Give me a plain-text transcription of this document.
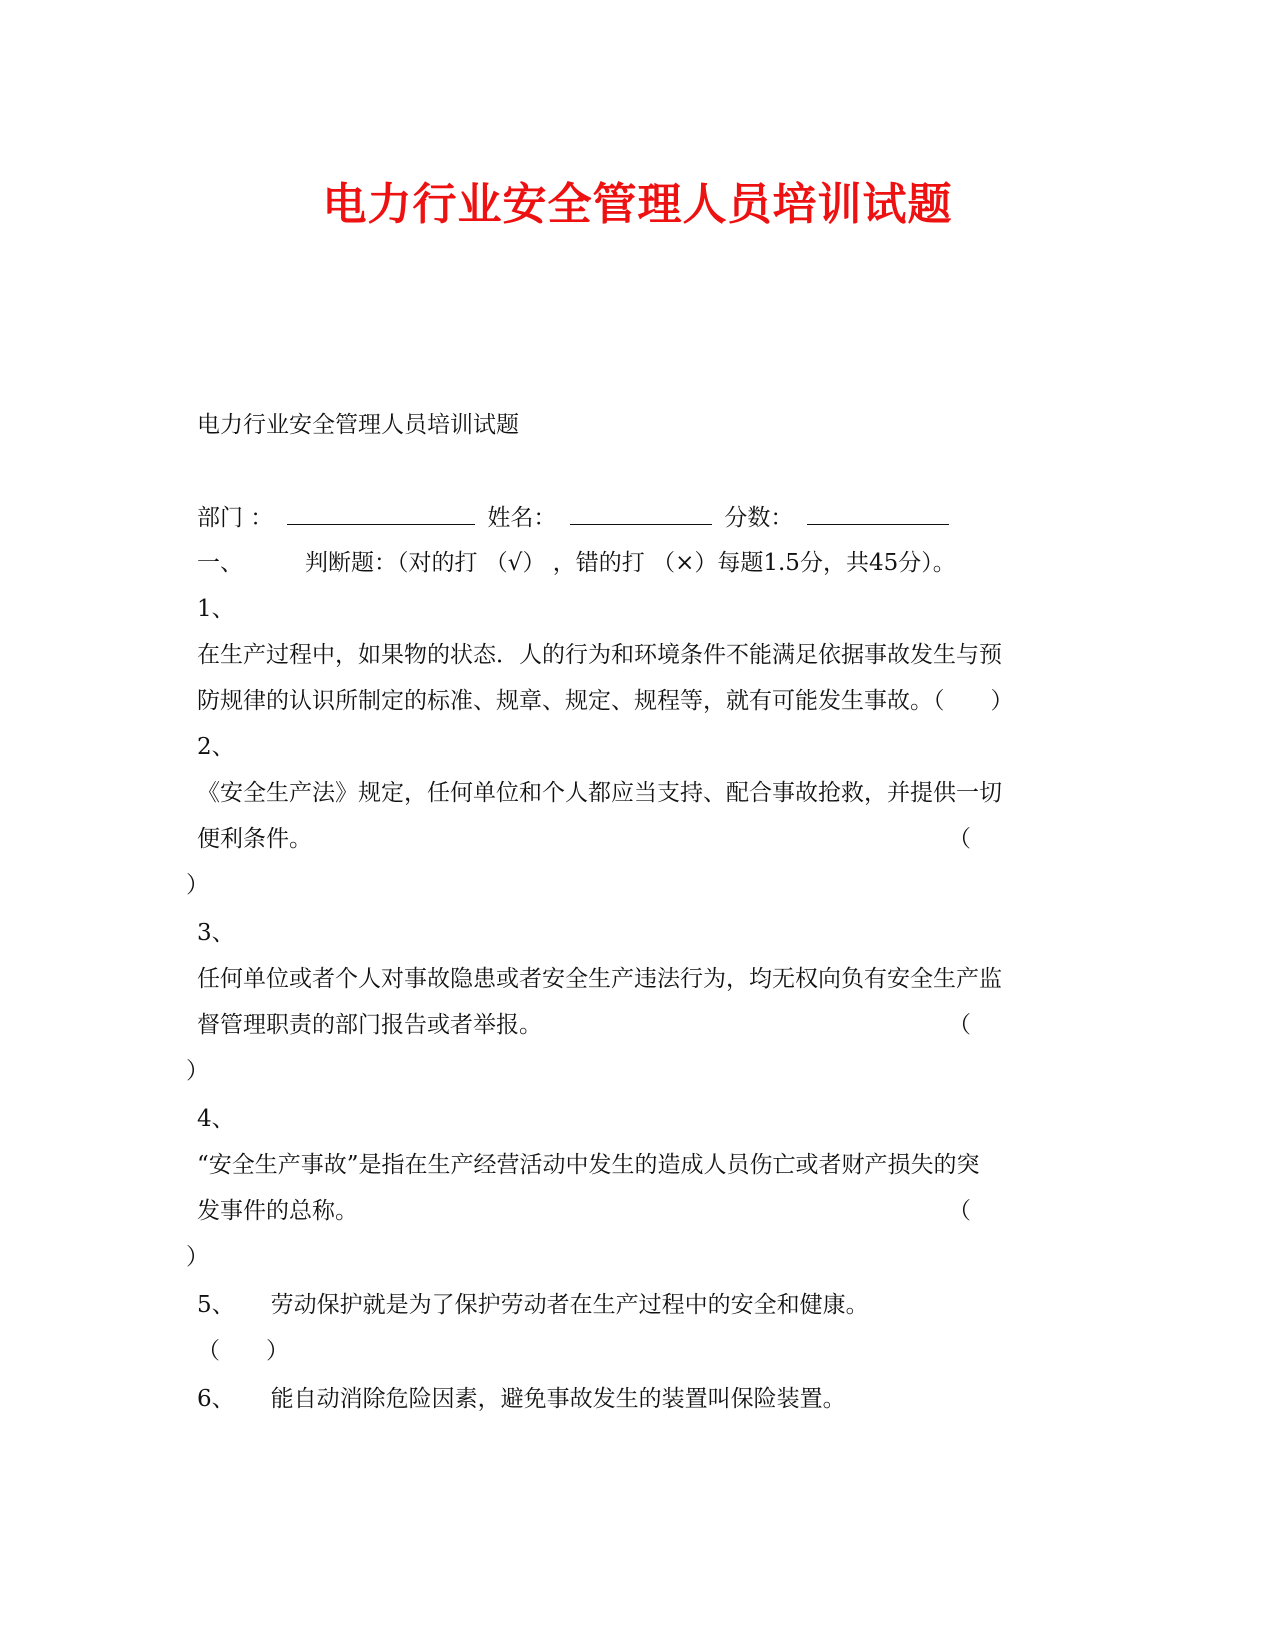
电力行业安全管理人员培训试题
电力行业安全管理人员培训试题
部门 ：	姓名：	分数：
一、	判断题：（对的打 （√） ，错的打 （×）每题1.5分，共45分）。
1、
在生产过程中，如果物的状态．人的行为和环境条件不能满足依据事故发生与预
防规律的认识所制定的标准、规章、规定、规程等，就有可能发生事故。（　　）
2、
《安全生产法》规定，任何单位和个人都应当支持、配合事故抢救，并提供一切
便利条件。	（
）
3、
任何单位或者个人对事故隐患或者安全生产违法行为，均无权向负有安全生产监
督管理职责的部门报告或者举报。	（
）
4、
“安全生产事故”是指在生产经营活动中发生的造成人员伤亡或者财产损失的突
发事件的总称。	（
）
5、 劳动保护就是为了保护劳动者在生产过程中的安全和健康。
（　　）
6、 能自动消除危险因素，避免事故发生的装置叫保险装置。
